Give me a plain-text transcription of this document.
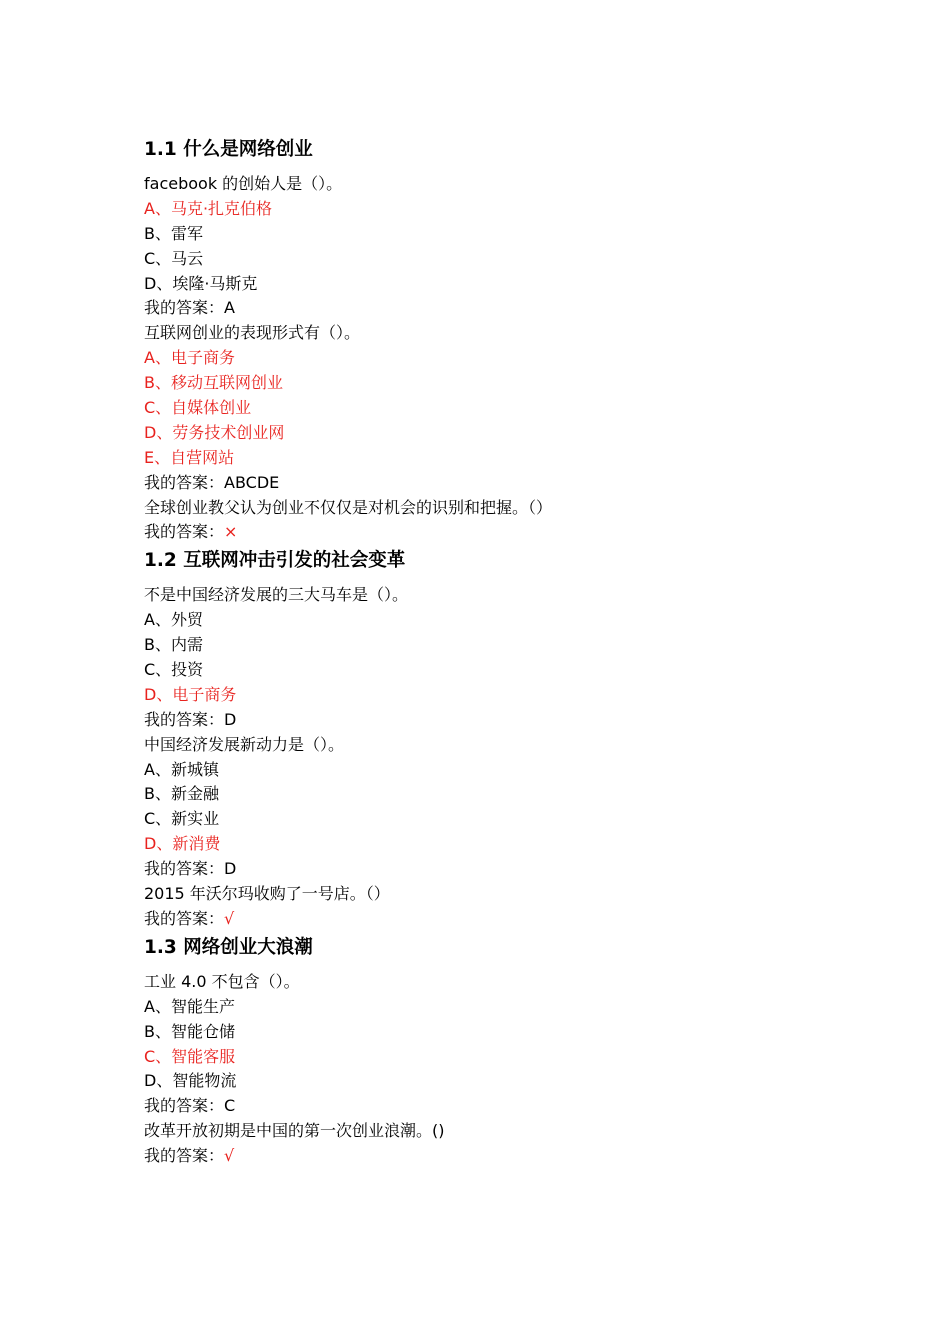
1.1 什么是网络创业
facebook 的创始人是（）。
A、马克·扎克伯格
B、雷军
C、马云
D、埃隆·马斯克
我的答案：A
互联网创业的表现形式有（）。
A、电子商务
B、移动互联网创业
C、自媒体创业
D、劳务技术创业网
E、自营网站
我的答案：ABCDE
全球创业教父认为创业不仅仅是对机会的识别和把握。（）
我的答案：×
1.2 互联网冲击引发的社会变革
不是中国经济发展的三大马车是（）。
A、外贸
B、内需
C、投资
D、电子商务
我的答案：D
中国经济发展新动力是（）。
A、新城镇
B、新金融
C、新实业
D、新消费
我的答案：D
2015 年沃尔玛收购了一号店。（）
我的答案：√
1.3 网络创业大浪潮
工业 4.0 不包含（）。
A、智能生产
B、智能仓储
C、智能客服
D、智能物流
我的答案：C
改革开放初期是中国的第一次创业浪潮。()
我的答案：√
